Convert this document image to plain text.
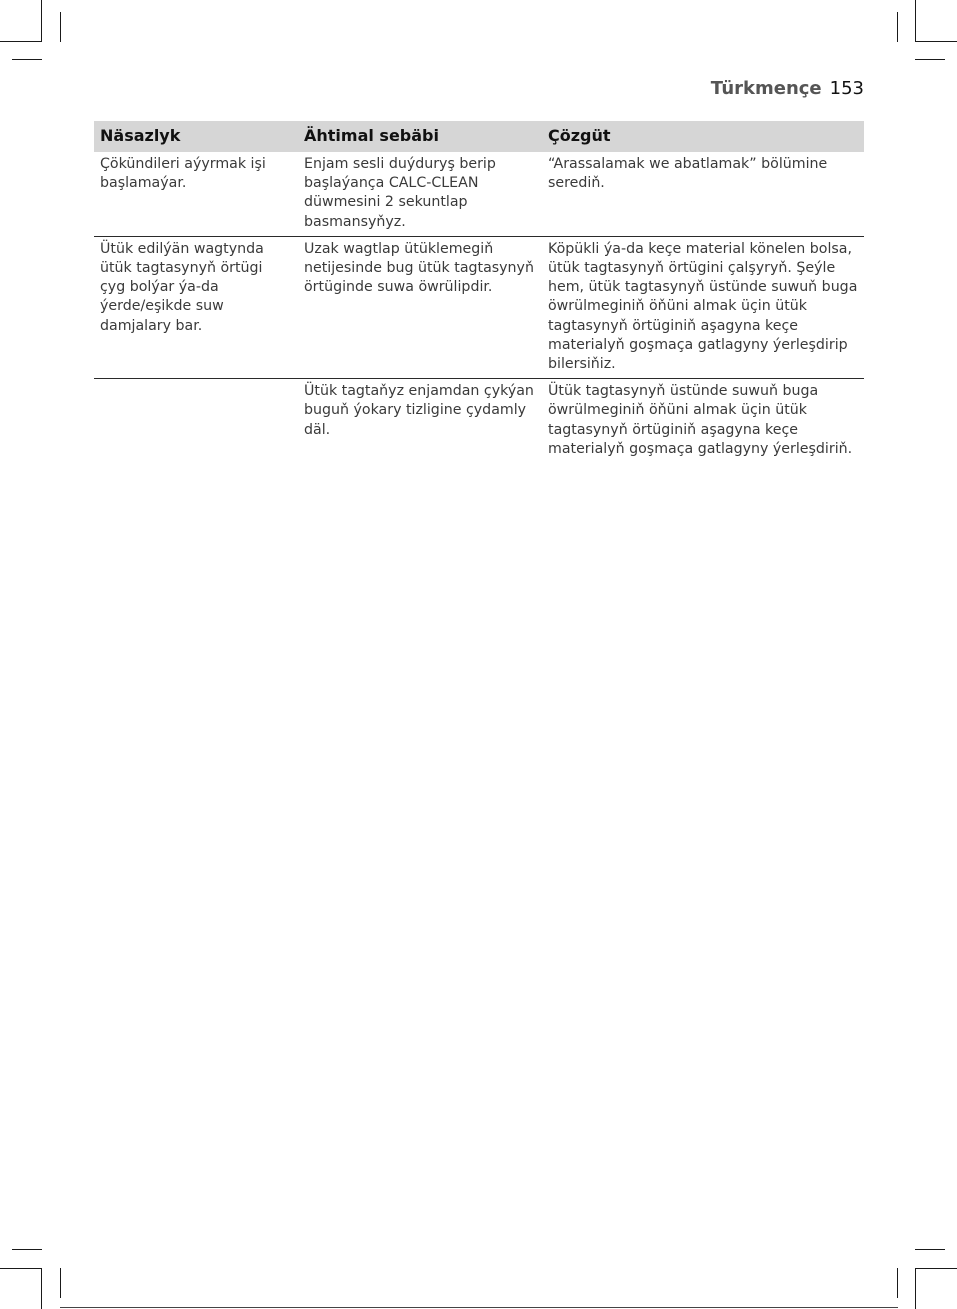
Türkmençe 153
Näsazlyk	Ähtimal sebäbi	Çözgüt
Çökündileri aýyrmak işi başlamaýar.	Enjam sesli duýduryş berip başlaýança CALC-CLEAN düwmesini 2 sekuntlap basmansyňyz.	“Arassalamak we abatlamak” bölümine serediň.
Ütük edilýän wagtynda ütük tagtasynyň örtügi çyg bolýar ýa-da ýerde/eşikde suw damjalary bar.	Uzak wagtlap ütüklemegiň netijesinde bug ütük tagtasynyň örtüginde suwa öwrülipdir.	Köpükli ýa-da keçe material könelen bolsa, ütük tagtasynyň örtügini çalşyryň. Şeýle hem, ütük tagtasynyň üstünde suwuň buga öwrülmeginiň öňüni almak üçin ütük tagtasynyň örtüginiň aşagyna keçe materialyň goşmaça gatlagyny ýerleşdirip bilersiňiz.
	Ütük tagtaňyz enjamdan çykýan buguň ýokary tizligine çydamly däl.	Ütük tagtasynyň üstünde suwuň buga öwrülmeginiň öňüni almak üçin ütük tagtasynyň örtüginiň aşagyna keçe materialyň goşmaça gatlagyny ýerleşdiriň.
